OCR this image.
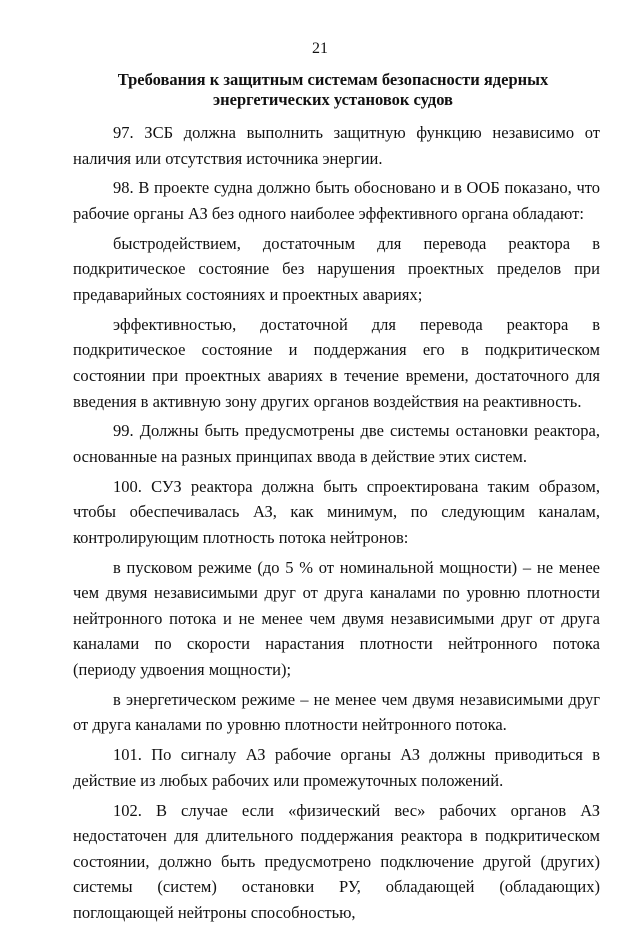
21
Требования к защитным системам безопасности ядерных энергетических установок судов

97. ЗСБ должна выполнить защитную функцию независимо от наличия или отсутствия источника энергии.

98. В проекте судна должно быть обосновано и в ООБ показано, что рабочие органы АЗ без одного наиболее эффективного органа обладают:

быстродействием, достаточным для перевода реактора в подкритическое состояние без нарушения проектных пределов при предаварийных состояниях и проектных авариях;

эффективностью, достаточной для перевода реактора в подкритическое состояние и поддержания его в подкритическом состоянии при проектных авариях в течение времени, достаточного для введения в активную зону других органов воздействия на реактивность.

99. Должны быть предусмотрены две системы остановки реактора, основанные на разных принципах ввода в действие этих систем.

100. СУЗ реактора должна быть спроектирована таким образом, чтобы обеспечивалась АЗ, как минимум, по следующим каналам, контролирующим плотность потока нейтронов:

в пусковом режиме (до 5 % от номинальной мощности) – не менее чем двумя независимыми друг от друга каналами по уровню плотности нейтронного потока и не менее чем двумя независимыми друг от друга каналами по скорости нарастания плотности нейтронного потока (периоду удвоения мощности);

в энергетическом режиме – не менее чем двумя независимыми друг от друга каналами по уровню плотности нейтронного потока.

101. По сигналу АЗ рабочие органы АЗ должны приводиться в действие из любых рабочих или промежуточных положений.

102. В случае если «физический вес» рабочих органов АЗ недостаточен для длительного поддержания реактора в подкритическом состоянии, должно быть предусмотрено подключение другой (других) системы (систем) остановки РУ, обладающей (обладающих) поглощающей нейтроны способностью,
